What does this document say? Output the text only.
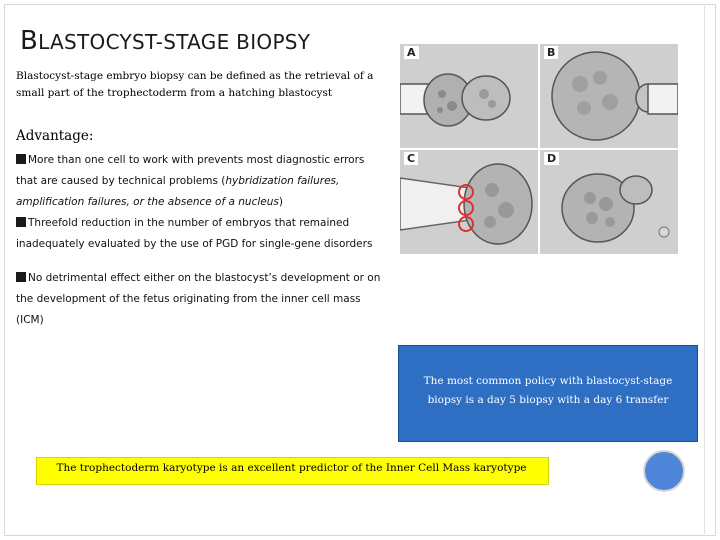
BLASTOCYST-STAGE BIOPSY
Blastocyst-stage embryo biopsy can be defined as the retrieval of a small part of the trophectoderm from a hatching blastocyst
Advantage:

More than one cell to work with prevents most diagnostic errors that are caused by technical problems (hybridization failures, amplification failures, or the absence of a nucleus)

Threefold reduction in the number of embryos that remained inadequately evaluated by the use of PGD for single-gene disorders

No detrimental effect either on the blastocyst’s development or on the development of the fetus originating from the inner cell mass (ICM)

A	B
C	D
The most common policy with blastocyst-stage biopsy is a day 5 biopsy with a day 6 transfer
The trophectoderm karyotype is an excellent predictor of the Inner Cell Mass karyotype
